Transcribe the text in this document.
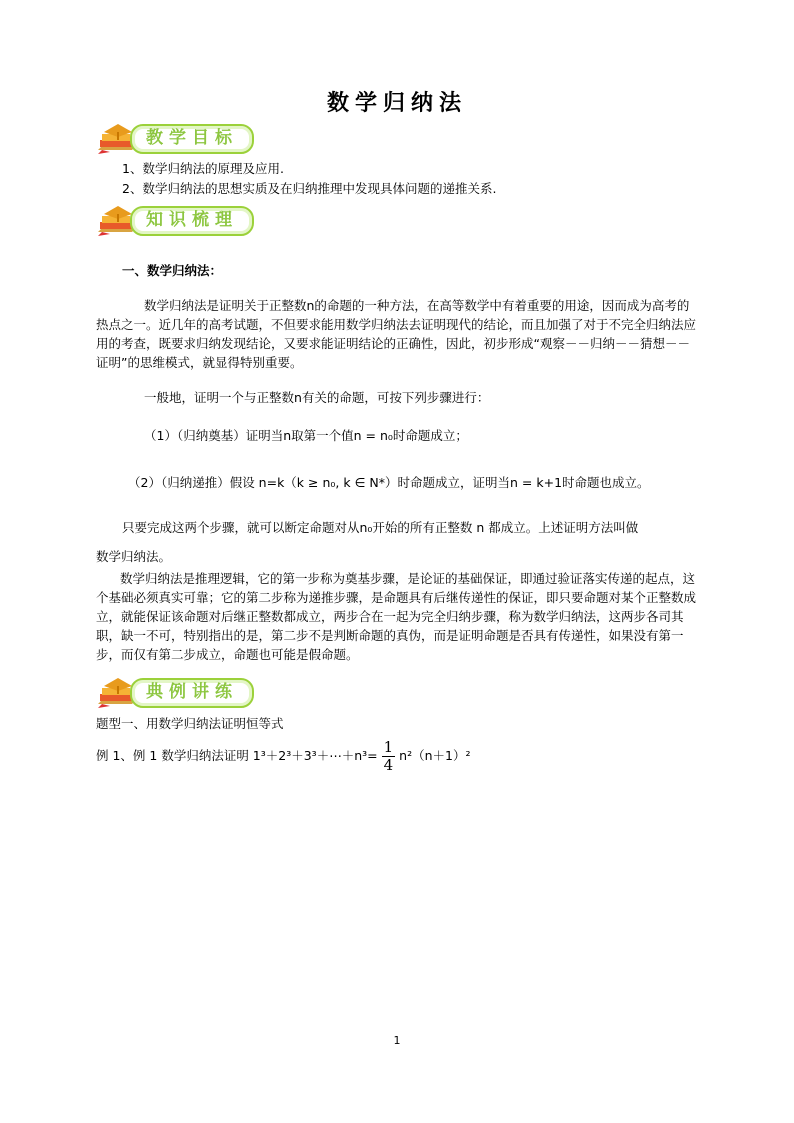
数学归纳法
教学目标
1、数学归纳法的原理及应用.
2、数学归纳法的思想实质及在归纳推理中发现具体问题的递推关系.
知识梳理
一、数学归纳法：
数学归纳法是证明关于正整数n的命题的一种方法，在高等数学中有着重要的用途，因而成为高考的热点之一。近几年的高考试题，不但要求能用数学归纳法去证明现代的结论，而且加强了对于不完全归纳法应用的考查，既要求归纳发现结论，又要求能证明结论的正确性，因此，初步形成“观察－－归纳－－猜想－－证明”的思维模式，就显得特别重要。
一般地，证明一个与正整数n有关的命题，可按下列步骤进行：
（1）（归纳奠基）证明当n取第一个值n = n₀时命题成立；
（2）（归纳递推）假设 n=k（k ≥ n₀, k ∈ N*）时命题成立，证明当n = k+1时命题也成立。
只要完成这两个步骤，就可以断定命题对从n₀开始的所有正整数 n 都成立。上述证明方法叫做
数学归纳法。
数学归纳法是推理逻辑，它的第一步称为奠基步骤，是论证的基础保证，即通过验证落实传递的起点，这个基础必须真实可靠；它的第二步称为递推步骤，是命题具有后继传递性的保证，即只要命题对某个正整数成立，就能保证该命题对后继正整数都成立，两步合在一起为完全归纳步骤，称为数学归纳法，这两步各司其职，缺一不可，特别指出的是，第二步不是判断命题的真伪，而是证明命题是否具有传递性，如果没有第一步，而仅有第二步成立，命题也可能是假命题。
典例讲练
题型一、用数学归纳法证明恒等式
例 1、例 1 数学归纳法证明 1³＋2³＋3³＋⋯＋n³= $\frac{1}{4} n^2(n+1)^2$
1
